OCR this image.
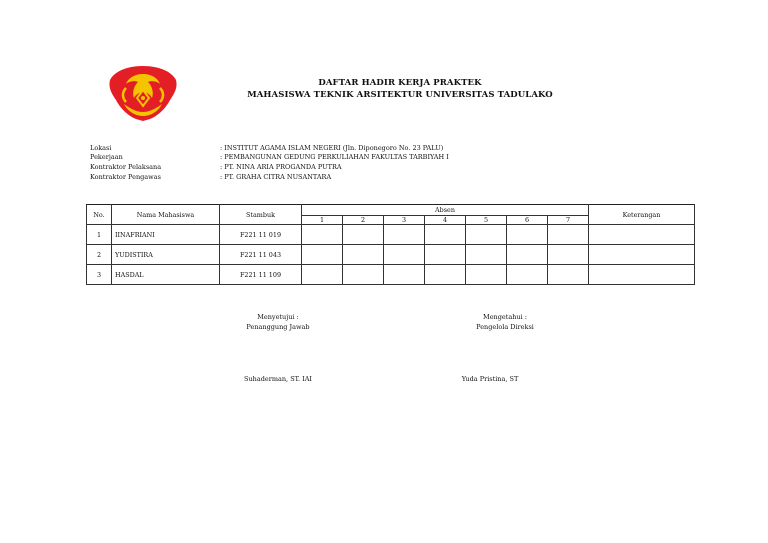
DAFTAR HADIR KERJA PRAKTEK
MAHASISWA TEKNIK ARSITEKTUR UNIVERSITAS TADULAKO
Lokasi	: INSTITUT AGAMA ISLAM NEGERI (Jln. Diponegoro No. 23 PALU)
Pekerjaan	: PEMBANGUNAN GEDUNG PERKULIAHAN FAKULTAS TARBIYAH I
Kontraktor Pelaksana	: PT. NINA ARIA PROGANDA PUTRA
Kontraktor Pengawas	: PT. GRAHA CITRA NUSANTARA
No.	Nama Mahasiswa	Stambuk	Absen							Keterangan
			1	2	3	4	5	6	7	
1	IINAFRIANI	F221 11 019								
2	YUDISTIRA	F221 11 043								
3	HASDAL	F221 11 109								
Menyetujui :
Penanggung Jawab
Suhaderman, ST. IAI
Mengetahui :
Pengelola Direksi
Yuda Pristina, ST
